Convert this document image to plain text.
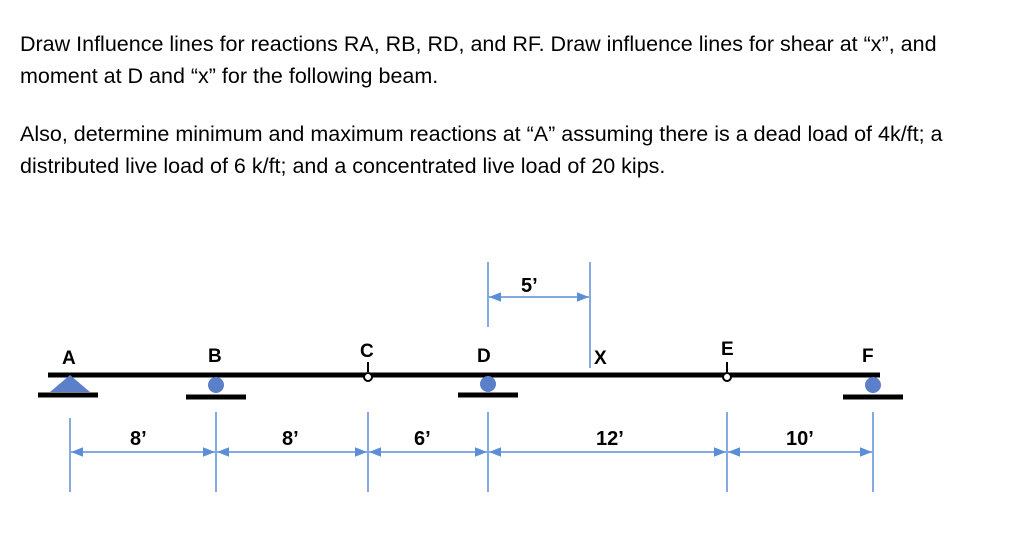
Draw Influence lines for reactions RA, RB, RD, and RF. Draw influence lines for shear at “x”, and moment at D and “x” for the following beam.

Also, determine minimum and maximum reactions at “A” assuming there is a dead load of 4k/ft; a distributed live load of 6 k/ft; and a concentrated live load of 20 kips.

A	B	C	D	X	E	F
5’
8’	8’	6’	12’	10’
